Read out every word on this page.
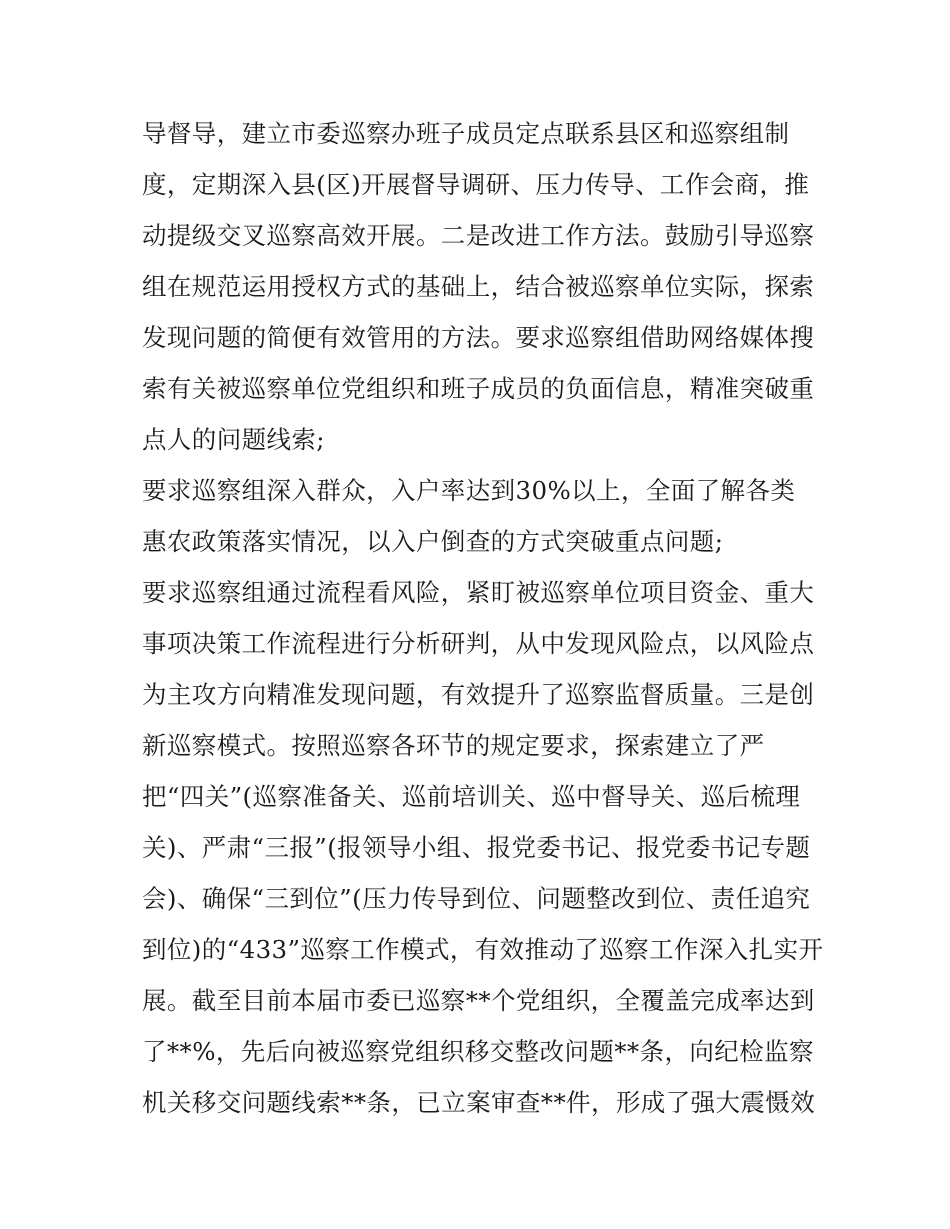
导督导，建立市委巡察办班子成员定点联系县区和巡察组制
度，定期深入县(区)开展督导调研、压力传导、工作会商，推
动提级交叉巡察高效开展。二是改进工作方法。鼓励引导巡察
组在规范运用授权方式的基础上，结合被巡察单位实际，探索
发现问题的简便有效管用的方法。要求巡察组借助网络媒体搜
索有关被巡察单位党组织和班子成员的负面信息，精准突破重
点人的问题线索;
要求巡察组深入群众，入户率达到30%以上，全面了解各类
惠农政策落实情况，以入户倒查的方式突破重点问题;
要求巡察组通过流程看风险，紧盯被巡察单位项目资金、重大
事项决策工作流程进行分析研判，从中发现风险点，以风险点
为主攻方向精准发现问题，有效提升了巡察监督质量。三是创
新巡察模式。按照巡察各环节的规定要求，探索建立了严
把“四关”(巡察准备关、巡前培训关、巡中督导关、巡后梳理
关)、严肃“三报”(报领导小组、报党委书记、报党委书记专题
会)、确保“三到位”(压力传导到位、问题整改到位、责任追究
到位)的“433”巡察工作模式，有效推动了巡察工作深入扎实开
展。截至目前本届市委已巡察**个党组织，全覆盖完成率达到
了**%，先后向被巡察党组织移交整改问题**条，向纪检监察
机关移交问题线索**条，已立案审查**件，形成了强大震慑效
